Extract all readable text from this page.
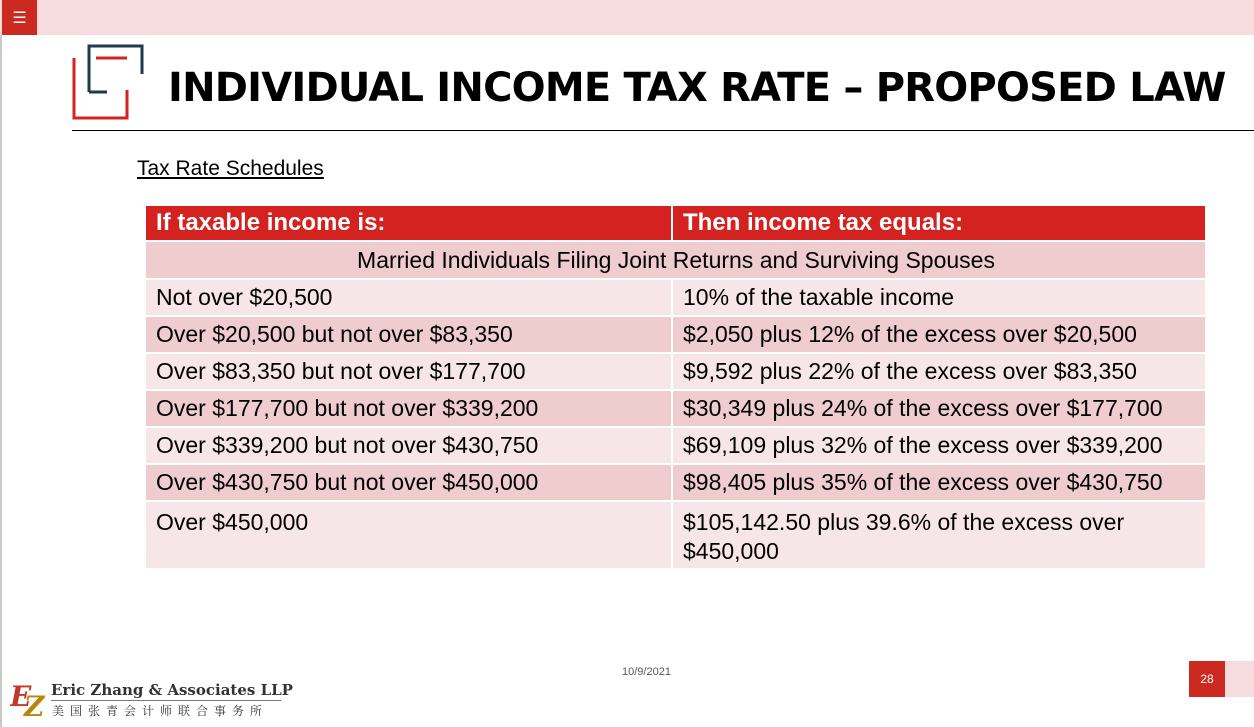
☰
INDIVIDUAL INCOME TAX RATE – PROPOSED LAW
Tax Rate Schedules
If taxable income is:	Then income tax equals:
Married Individuals Filing Joint Returns and Surviving Spouses	
Not over $20,500	10% of the taxable income
Over $20,500 but not over $83,350	$2,050 plus 12% of the excess over $20,500
Over $83,350 but not over $177,700	$9,592 plus 22% of the excess over $83,350
Over $177,700 but not over $339,200	$30,349 plus 24% of the excess over $177,700
Over $339,200 but not over $430,750	$69,109 plus 32% of the excess over $339,200
Over $430,750 but not over $450,000	$98,405 plus 35% of the excess over $430,750
Over $450,000	$105,142.50 plus 39.6% of the excess over $450,000
10/9/2021	28
E
Z Eric Zhang & Associates LLP
美国张青会计师联合事务所
